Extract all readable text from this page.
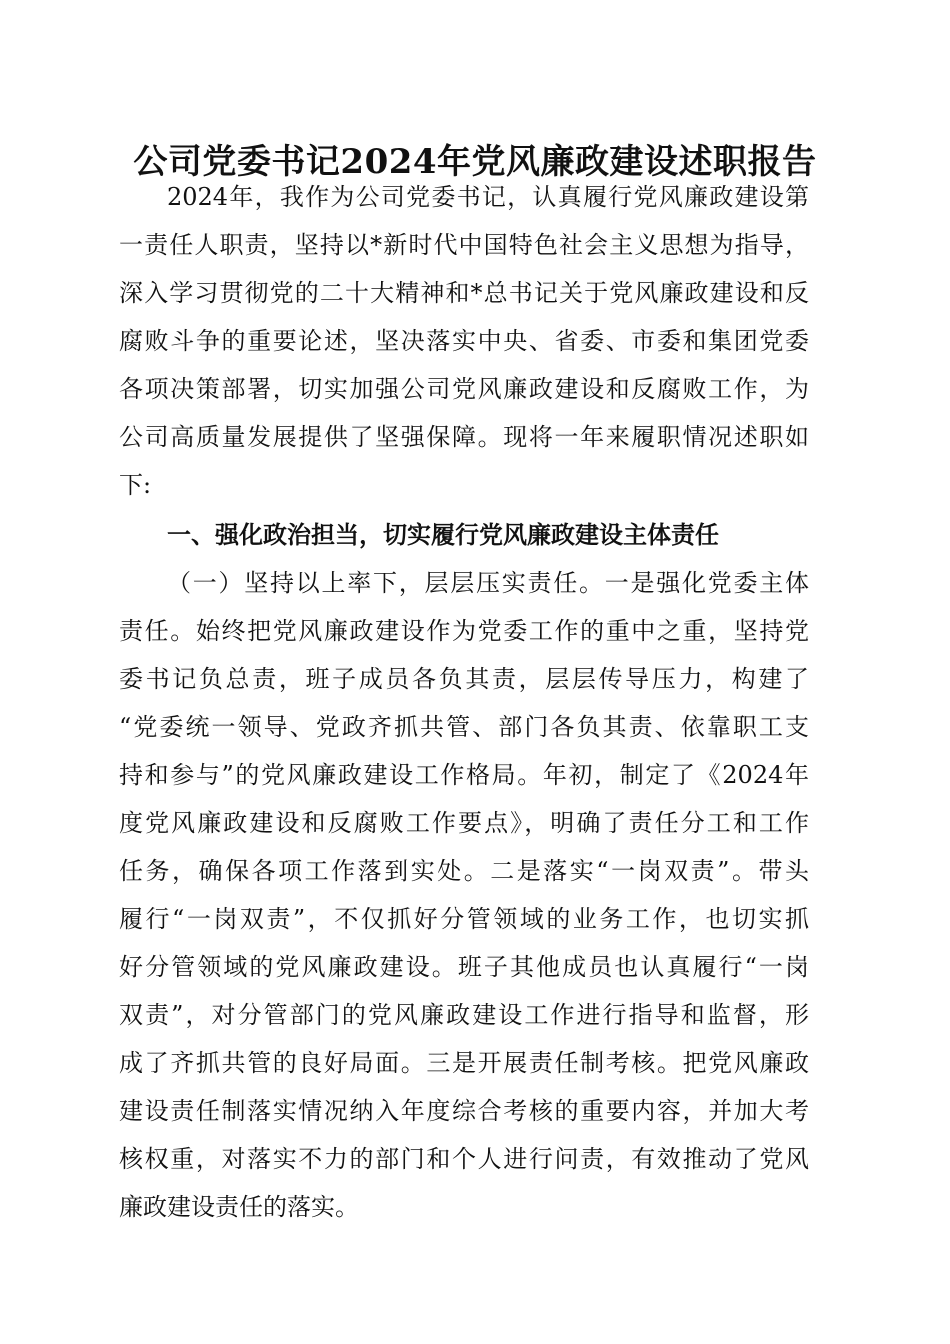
公司党委书记2024年党风廉政建设述职报告
2024年，我作为公司党委书记，认真履行党风廉政建设第
一责任人职责，坚持以*新时代中国特色社会主义思想为指导，
深入学习贯彻党的二十大精神和*总书记关于党风廉政建设和反
腐败斗争的重要论述，坚决落实中央、省委、市委和集团党委
各项决策部署，切实加强公司党风廉政建设和反腐败工作，为
公司高质量发展提供了坚强保障。现将一年来履职情况述职如
下:
一、强化政治担当，切实履行党风廉政建设主体责任
（一）坚持以上率下，层层压实责任。一是强化党委主体
责任。始终把党风廉政建设作为党委工作的重中之重，坚持党
委书记负总责，班子成员各负其责，层层传导压力，构建了
“党委统一领导、党政齐抓共管、部门各负其责、依靠职工支
持和参与”的党风廉政建设工作格局。年初，制定了《2024年
度党风廉政建设和反腐败工作要点》，明确了责任分工和工作
任务，确保各项工作落到实处。二是落实“一岗双责”。带头
履行“一岗双责”，不仅抓好分管领域的业务工作，也切实抓
好分管领域的党风廉政建设。班子其他成员也认真履行“一岗
双责”，对分管部门的党风廉政建设工作进行指导和监督，形
成了齐抓共管的良好局面。三是开展责任制考核。把党风廉政
建设责任制落实情况纳入年度综合考核的重要内容，并加大考
核权重，对落实不力的部门和个人进行问责，有效推动了党风
廉政建设责任的落实。
